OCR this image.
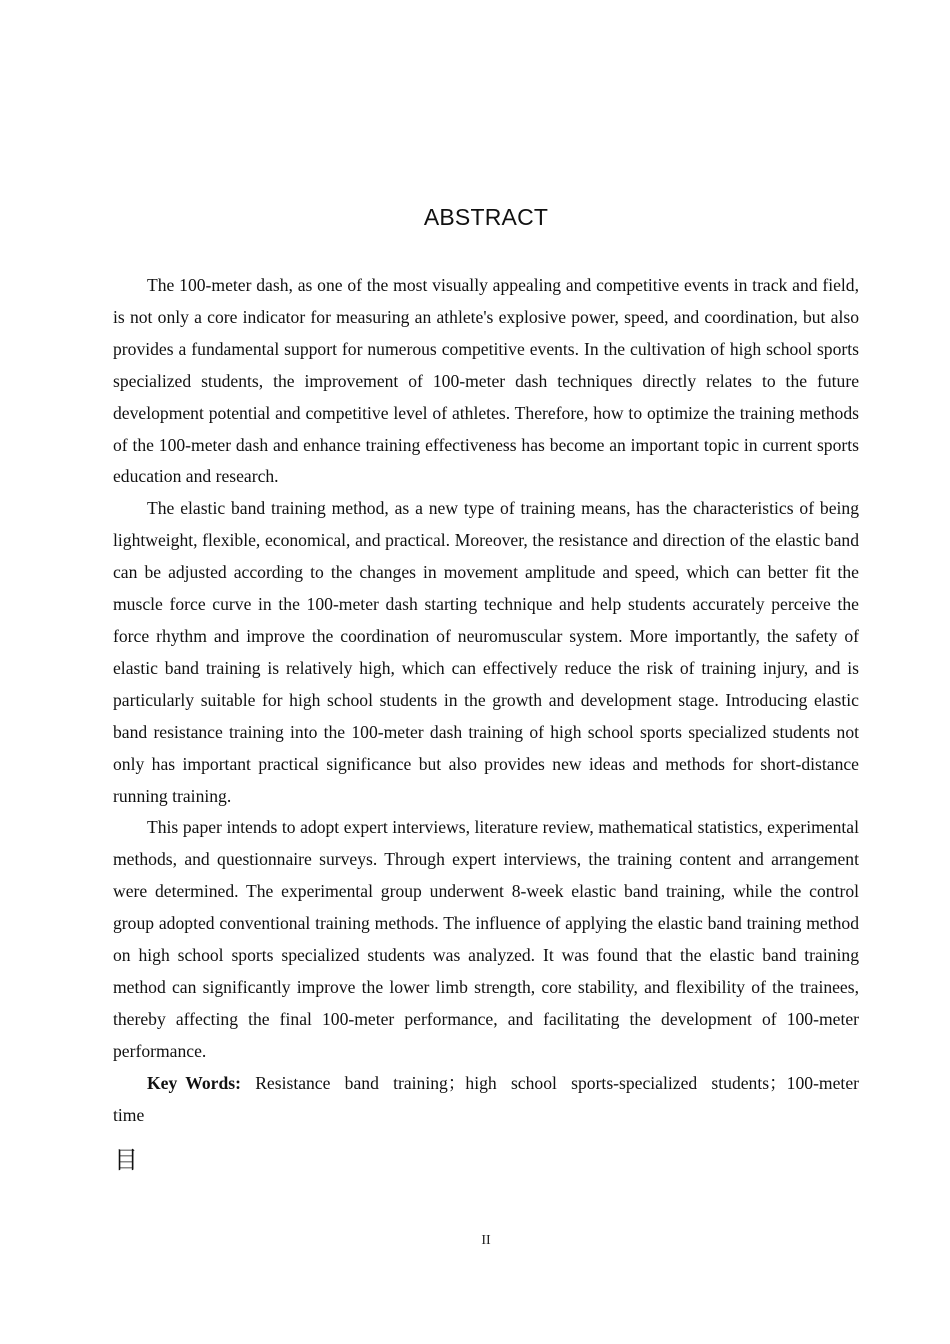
ABSTRACT

The 100-meter dash, as one of the most visually appealing and competitive events in track and field, is not only a core indicator for measuring an athlete's explosive power, speed, and coordination, but also provides a fundamental support for numerous competitive events. In the cultivation of high school sports specialized students, the improvement of 100-meter dash techniques directly relates to the future development potential and competitive level of athletes. Therefore, how to optimize the training methods of the 100-meter dash and enhance training effectiveness has become an important topic in current sports education and research.

The elastic band training method, as a new type of training means, has the characteristics of being lightweight, flexible, economical, and practical. Moreover, the resistance and direction of the elastic band can be adjusted according to the changes in movement amplitude and speed, which can better fit the muscle force curve in the 100-meter dash starting technique and help students accurately perceive the force rhythm and improve the coordination of neuromuscular system. More importantly, the safety of elastic band training is relatively high, which can effectively reduce the risk of training injury, and is particularly suitable for high school students in the growth and development stage. Introducing elastic band resistance training into the 100-meter dash training of high school sports specialized students not only has important practical significance but also provides new ideas and methods for short-distance running training.

This paper intends to adopt expert interviews, literature review, mathematical statistics, experimental methods, and questionnaire surveys. Through expert interviews, the training content and arrangement were determined. The experimental group underwent 8-week elastic band training, while the control group adopted conventional training methods. The influence of applying the elastic band training method on high school sports specialized students was analyzed. It was found that the elastic band training method can significantly improve the lower limb strength, core stability, and flexibility of the trainees, thereby affecting the final 100-meter performance, and facilitating the development of 100-meter performance.

Key Words: Resistance band training；high school sports-specialized students；100-meter time

目
II
